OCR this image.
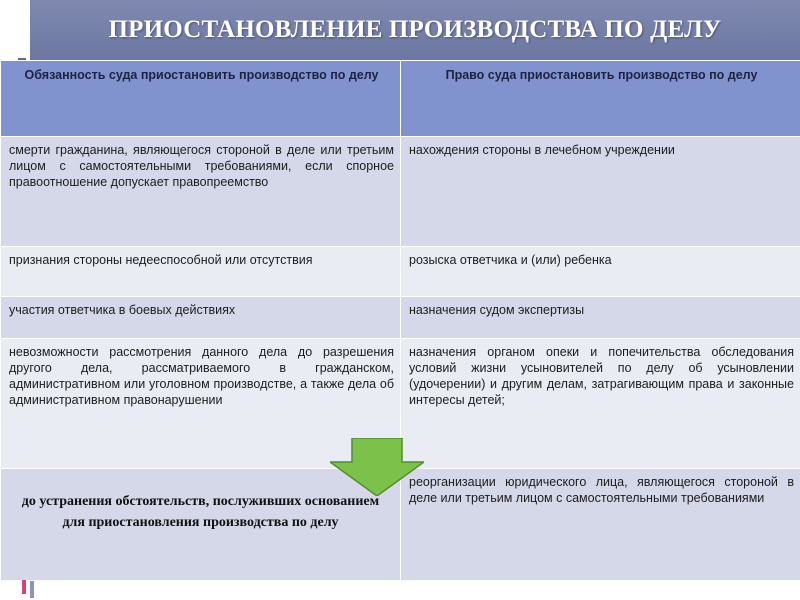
ПРИОСТАНОВЛЕНИЕ ПРОИЗВОДСТВА ПО ДЕЛУ
Обязанность суда приостановить производство по делу	Право суда приостановить производство по делу
смерти гражданина, являющегося стороной в деле или третьим лицом с самостоятельными требованиями, если спорное правоотношение допускает правопреемство	нахождения стороны в лечебном учреждении
признания стороны недееспособной или отсутствия	розыска ответчика и (или) ребенка
участия ответчика в боевых действиях	назначения судом экспертизы
невозможности рассмотрения данного дела до разрешения другого дела, рассматриваемого в гражданском, административном или уголовном производстве, а также дела об административном правонарушении	назначения органом опеки и попечительства обследования условий жизни усыновителей по делу об усыновлении (удочерении) и другим делам, затрагивающим права и законные интересы детей;

до устранения обстоятельств, послуживших основанием для приостановления производства по делу	реорганизации юридического лица, являющегося стороной в деле или третьим лицом с самостоятельными требованиями
